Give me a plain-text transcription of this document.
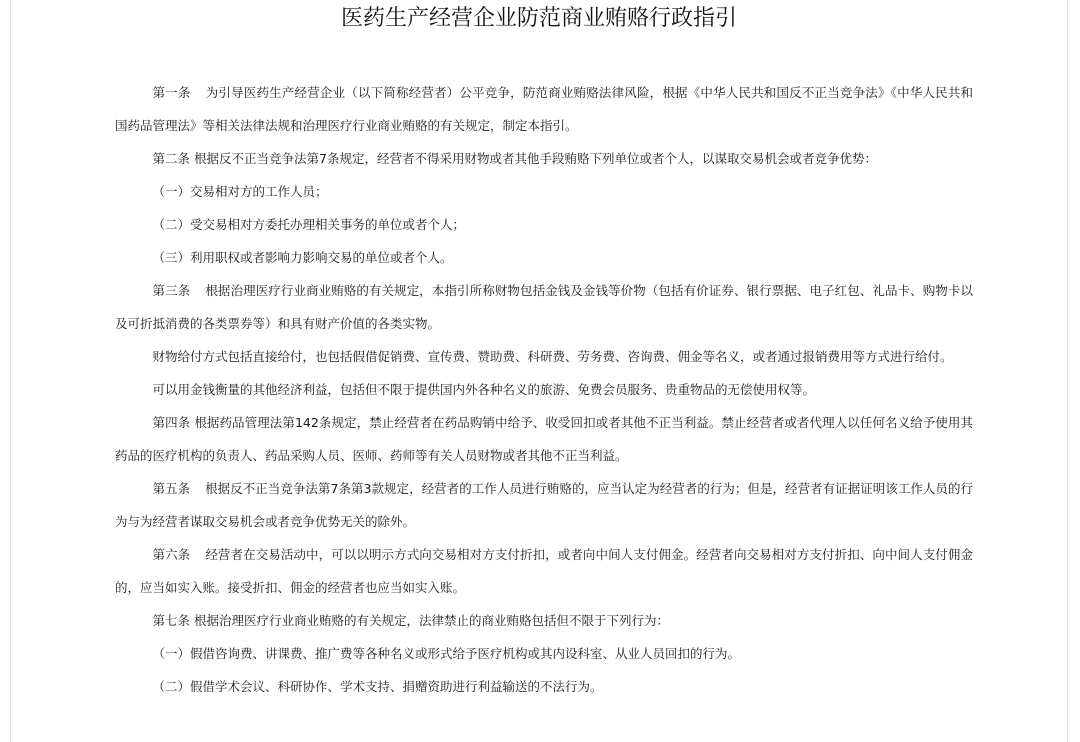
医药生产经营企业防范商业贿赂行政指引

第一条 为引导医药生产经营企业（以下简称经营者）公平竞争，防范商业贿赂法律风险，根据《中华人民共和国反不正当竞争法》《中华人民共和国药品管理法》等相关法律法规和治理医疗行业商业贿赂的有关规定，制定本指引。

第二条 根据反不正当竞争法第7条规定，经营者不得采用财物或者其他手段贿赂下列单位或者个人，以谋取交易机会或者竞争优势：

（一）交易相对方的工作人员；

（二）受交易相对方委托办理相关事务的单位或者个人；

（三）利用职权或者影响力影响交易的单位或者个人。

第三条 根据治理医疗行业商业贿赂的有关规定，本指引所称财物包括金钱及金钱等价物（包括有价证券、银行票据、电子红包、礼品卡、购物卡以及可折抵消费的各类票券等）和具有财产价值的各类实物。

财物给付方式包括直接给付，也包括假借促销费、宣传费、赞助费、科研费、劳务费、咨询费、佣金等名义，或者通过报销费用等方式进行给付。

可以用金钱衡量的其他经济利益，包括但不限于提供国内外各种名义的旅游、免费会员服务、贵重物品的无偿使用权等。

第四条 根据药品管理法第142条规定，禁止经营者在药品购销中给予、收受回扣或者其他不正当利益。禁止经营者或者代理人以任何名义给予使用其药品的医疗机构的负责人、药品采购人员、医师、药师等有关人员财物或者其他不正当利益。

第五条 根据反不正当竞争法第7条第3款规定，经营者的工作人员进行贿赂的，应当认定为经营者的行为；但是，经营者有证据证明该工作人员的行为与为经营者谋取交易机会或者竞争优势无关的除外。

第六条 经营者在交易活动中，可以以明示方式向交易相对方支付折扣，或者向中间人支付佣金。经营者向交易相对方支付折扣、向中间人支付佣金的，应当如实入账。接受折扣、佣金的经营者也应当如实入账。

第七条 根据治理医疗行业商业贿赂的有关规定，法律禁止的商业贿赂包括但不限于下列行为：

（一）假借咨询费、讲课费、推广费等各种名义或形式给予医疗机构或其内设科室、从业人员回扣的行为。

（二）假借学术会议、科研协作、学术支持、捐赠资助进行利益输送的不法行为。
